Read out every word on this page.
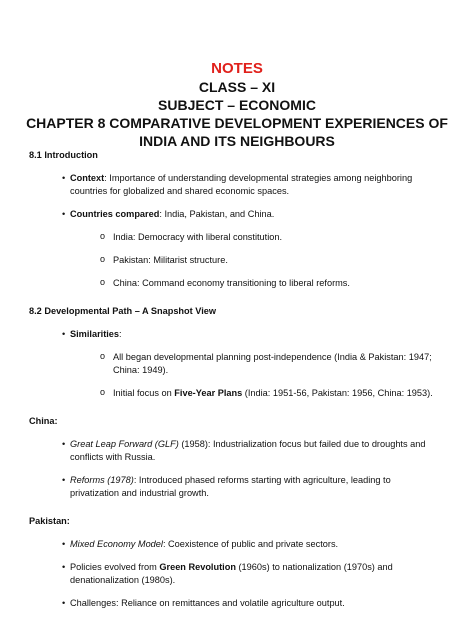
NOTES
CLASS – XI
SUBJECT – ECONOMIC
CHAPTER 8 COMPARATIVE DEVELOPMENT EXPERIENCES OF
INDIA AND ITS NEIGHBOURS
8.1 Introduction
• Context: Importance of understanding developmental strategies among neighboring
countries for globalized and shared economic spaces.
• Countries compared: India, Pakistan, and China.
o India: Democracy with liberal constitution.
o Pakistan: Militarist structure.
o China: Command economy transitioning to liberal reforms.
8.2 Developmental Path – A Snapshot View
• Similarities:
o All began developmental planning post-independence (India & Pakistan: 1947;
China: 1949).
o Initial focus on Five-Year Plans (India: 1951-56, Pakistan: 1956, China: 1953).
China:
• Great Leap Forward (GLF) (1958): Industrialization focus but failed due to droughts and
conflicts with Russia.
• Reforms (1978): Introduced phased reforms starting with agriculture, leading to
privatization and industrial growth.
Pakistan:
• Mixed Economy Model: Coexistence of public and private sectors.
• Policies evolved from Green Revolution (1960s) to nationalization (1970s) and
denationalization (1980s).
• Challenges: Reliance on remittances and volatile agriculture output.
